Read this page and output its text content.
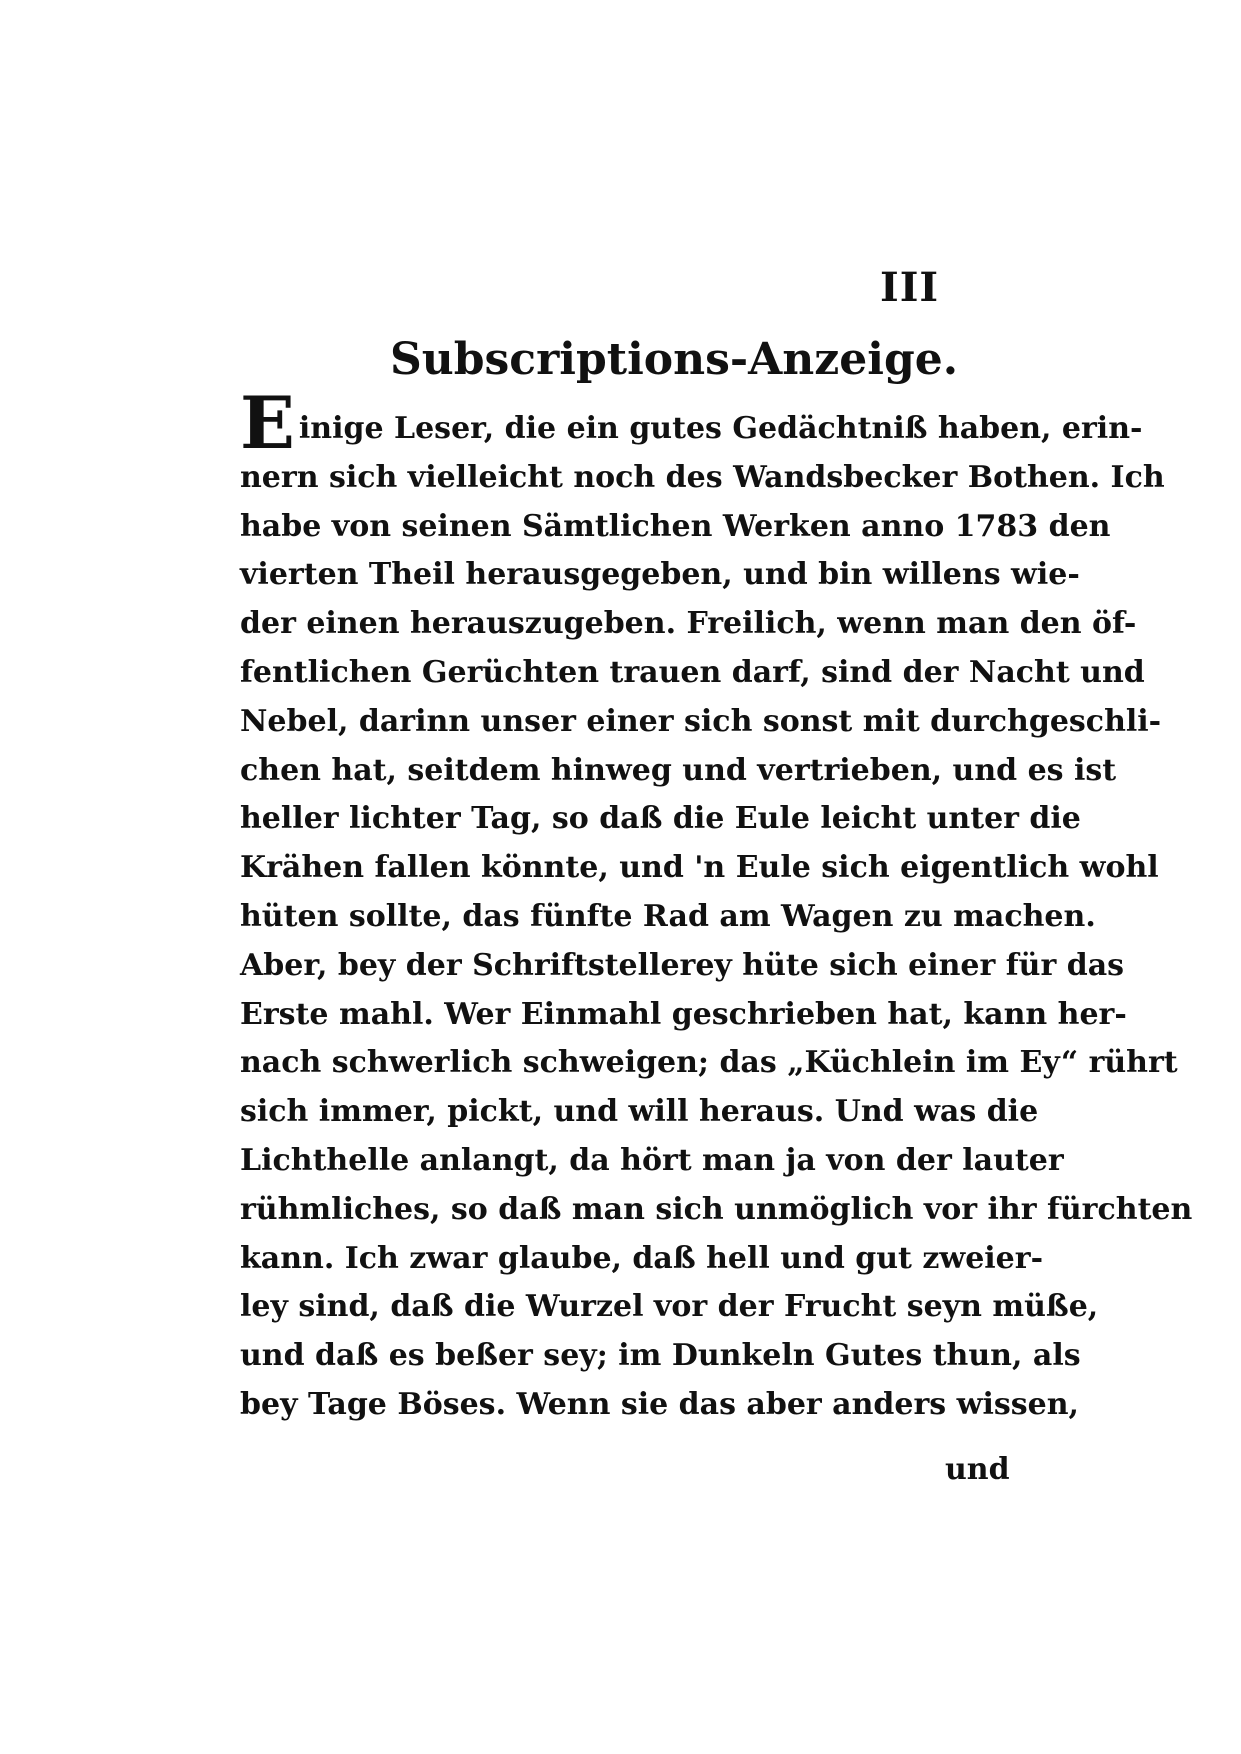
III
Subscriptions-Anzeige.
E inige Leser, die ein gutes Gedächtniß haben, erin-
nern sich vielleicht noch des Wandsbecker Bothen. Ich
habe von seinen Sämtlichen Werken anno 1783 den
vierten Theil herausgegeben, und bin willens wie-
der einen herauszugeben. Freilich, wenn man den öf-
fentlichen Gerüchten trauen darf, sind der Nacht und
Nebel, darinn unser einer sich sonst mit durchgeschli-
chen hat, seitdem hinweg und vertrieben, und es ist
heller lichter Tag, so daß die Eule leicht unter die
Krähen fallen könnte, und 'n Eule sich eigentlich wohl
hüten sollte, das fünfte Rad am Wagen zu machen.
Aber, bey der Schriftstellerey hüte sich einer für das
Erste mahl. Wer Einmahl geschrieben hat, kann her-
nach schwerlich schweigen; das „Küchlein im Ey“ rührt
sich immer, pickt, und will heraus. Und was die
Lichthelle anlangt, da hört man ja von der lauter
rühmliches, so daß man sich unmöglich vor ihr fürchten
kann. Ich zwar glaube, daß hell und gut zweier-
ley sind, daß die Wurzel vor der Frucht seyn müße,
und daß es beßer sey; im Dunkeln Gutes thun, als
bey Tage Böses. Wenn sie das aber anders wissen,
und
